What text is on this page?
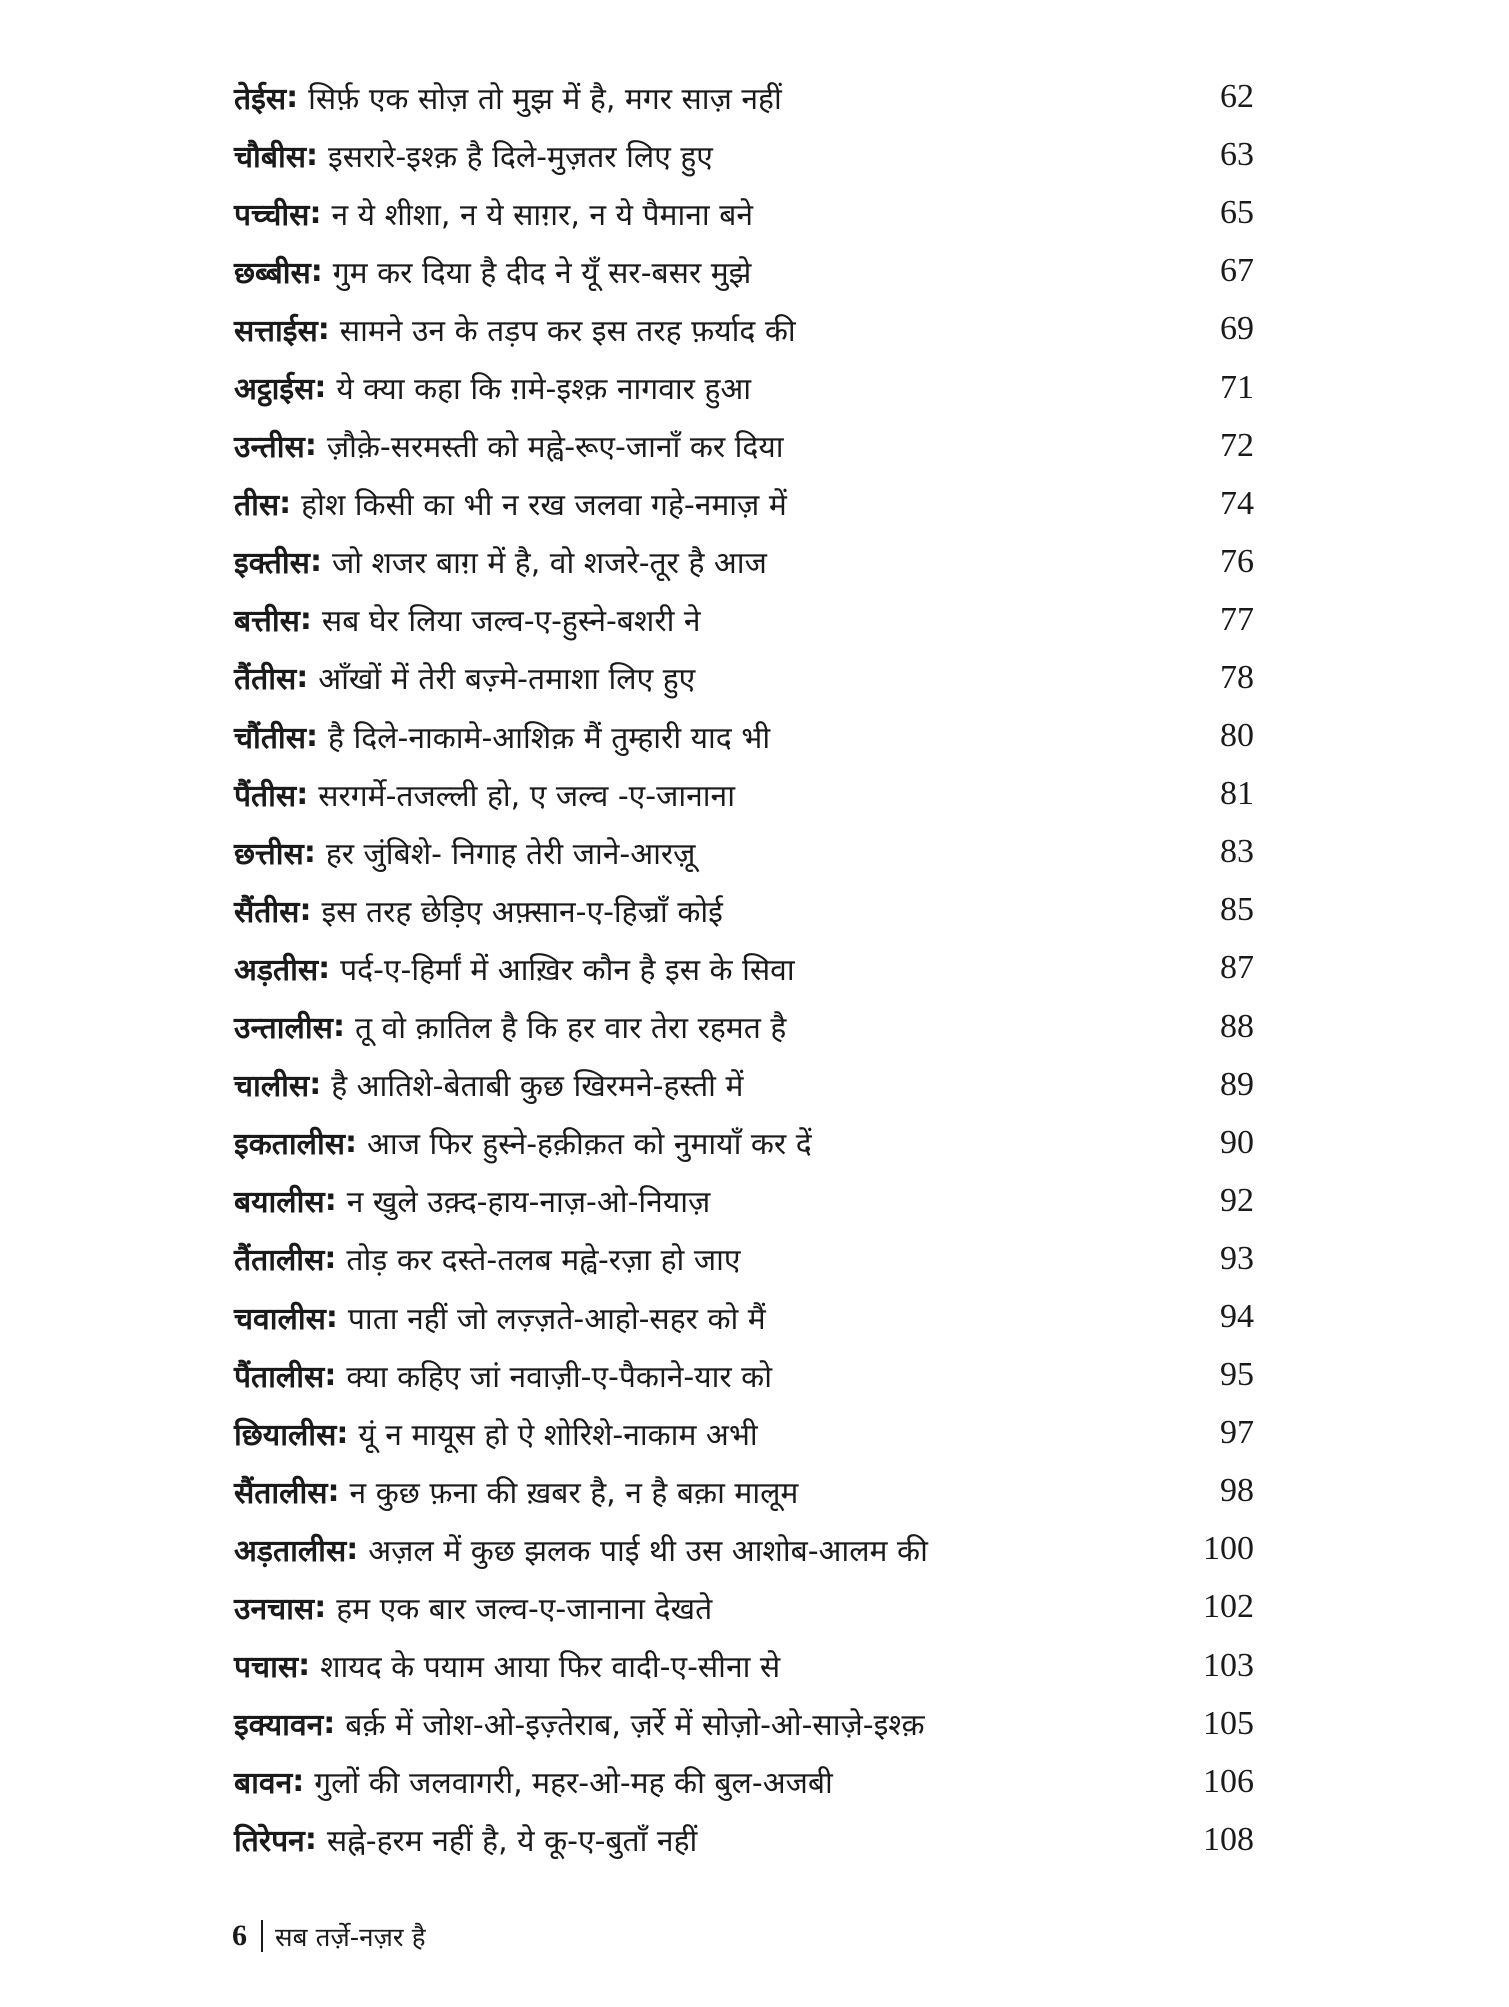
तेईस : सिर्फ़ एक सोज़ तो मुझ में है, मगर साज़ नहीं	62
चौबीस : इसरारे-इश्क़ है दिले-मुज़तर लिए हुए	63
पच्चीस : न ये शीशा, न ये साग़र, न ये पैमाना बने	65
छब्बीस : गुम कर दिया है दीद ने यूँ सर-बसर मुझे	67
सत्ताईस : सामने उन के तड़प कर इस तरह फ़र्याद की	69
अट्ठाईस : ये क्या कहा कि ग़मे-इश्क़ नागवार हुआ	71
उन्तीस : ज़ौक़े-सरमस्ती को मह्वे-रूए-जानाँ कर दिया	72
तीस : होश किसी का भी न रख जलवा गहे-नमाज़ में	74
इक्तीस : जो शजर बाग़ में है, वो शजरे-तूर है आज	76
बत्तीस : सब घेर लिया जल्व-ए-हुस्ने-बशरी ने	77
तैंतीस : आँखों में तेरी बज़्मे-तमाशा लिए हुए	78
चौंतीस : है दिले-नाकामे-आशिक़ मैं तुम्हारी याद भी	80
पैंतीस : सरगर्मे-तजल्ली हो, ए जल्व -ए-जानाना	81
छत्तीस : हर जुंबिशे- निगाह तेरी जाने-आरज़ू	83
सैंतीस : इस तरह छेड़िए अफ़्सान-ए-हिज्राँ कोई	85
अड़तीस : पर्द-ए-हिर्मां में आख़िर कौन है इस के सिवा	87
उन्तालीस : तू वो क़ातिल है कि हर वार तेरा रहमत है	88
चालीस : है आतिशे-बेताबी कुछ खिरमने-हस्ती में	89
इकतालीस : आज फिर हुस्ने-हक़ीक़त को नुमायाँ कर दें	90
बयालीस : न खुले उक़्द-हाय-नाज़-ओ-नियाज़	92
तैंतालीस : तोड़ कर दस्ते-तलब मह्वे-रज़ा हो जाए	93
चवालीस : पाता नहीं जो लज़्ज़ते-आहो-सहर को मैं	94
पैंतालीस : क्या कहिए जां नवाज़ी-ए-पैकाने-यार को	95
छियालीस : यूं न मायूस हो ऐ शोरिशे-नाकाम अभी	97
सैंतालीस : न कुछ फ़ना की ख़बर है, न है बक़ा मालूम	98
अड़तालीस : अज़ल में कुछ झलक पाई थी उस आशोब-आलम की	100
उनचास : हम एक बार जल्व-ए-जानाना देखते	102
पचास : शायद के पयाम आया फिर वादी-ए-सीना से	103
इक्यावन : बर्क़ में जोश-ओ-इज़्तेराब, ज़र्रे में सोज़ो-ओ-साज़े-इश्क़	105
बावन : गुलों की जलवागरी, महर-ओ-मह की बुल-अजबी	106
तिरेपन : सह्ने-हरम नहीं है, ये कू-ए-बुताँ नहीं	108
6 सब तर्ज़े-नज़र है
